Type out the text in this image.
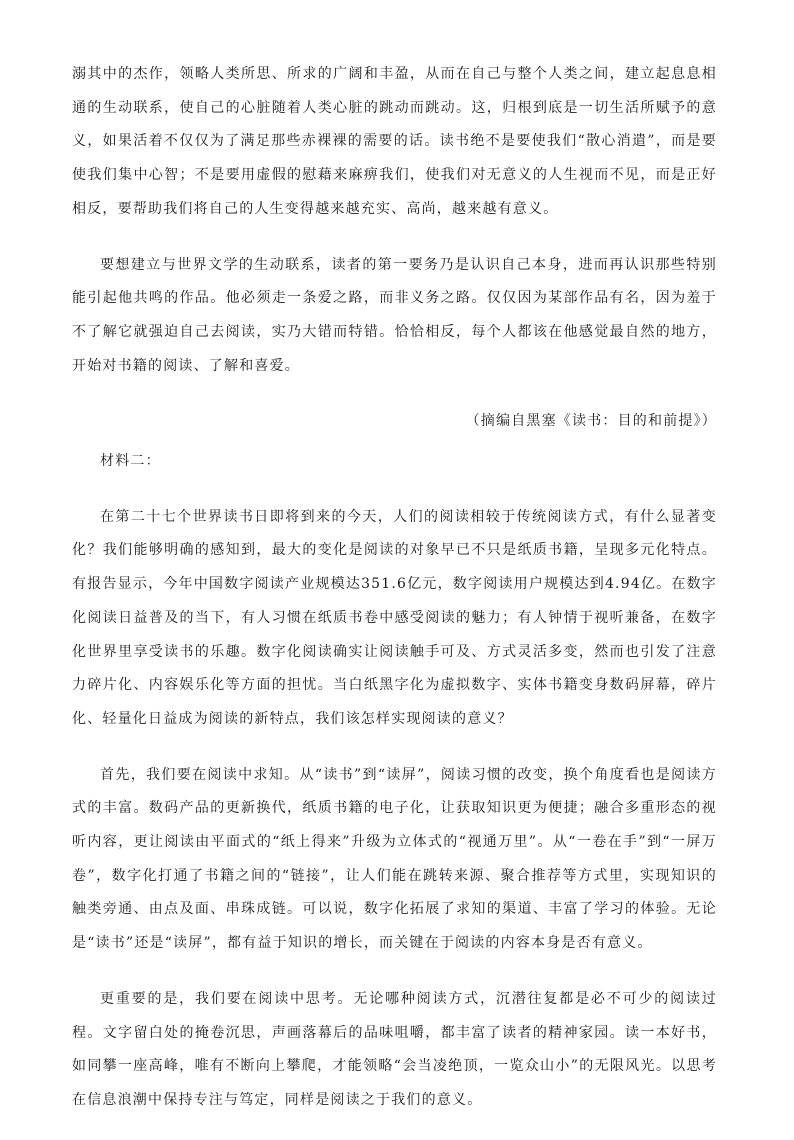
溺其中的杰作，领略人类所思、所求的广阔和丰盈，从而在自己与整个人类之间，建立起息息相通的生动联系，使自己的心脏随着人类心脏的跳动而跳动。这，归根到底是一切生活所赋予的意义，如果活着不仅仅为了满足那些赤裸裸的需要的话。读书绝不是要使我们“散心消遣”，而是要使我们集中心智；不是要用虚假的慰藉来麻痹我们，使我们对无意义的人生视而不见，而是正好相反，要帮助我们将自己的人生变得越来越充实、高尚，越来越有意义。

要想建立与世界文学的生动联系，读者的第一要务乃是认识自己本身，进而再认识那些特别能引起他共鸣的作品。他必须走一条爱之路，而非义务之路。仅仅因为某部作品有名，因为羞于不了解它就强迫自己去阅读，实乃大错而特错。恰恰相反，每个人都该在他感觉最自然的地方，开始对书籍的阅读、了解和喜爱。

（摘编自黑塞《读书：目的和前提》）

材料二：

在第二十七个世界读书日即将到来的今天，人们的阅读相较于传统阅读方式，有什么显著变化？我们能够明确的感知到，最大的变化是阅读的对象早已不只是纸质书籍，呈现多元化特点。有报告显示，今年中国数字阅读产业规模达351.6亿元，数字阅读用户规模达到4.94亿。在数字化阅读日益普及的当下，有人习惯在纸质书卷中感受阅读的魅力；有人钟情于视听兼备，在数字化世界里享受读书的乐趣。数字化阅读确实让阅读触手可及、方式灵活多变，然而也引发了注意力碎片化、内容娱乐化等方面的担忧。当白纸黑字化为虚拟数字、实体书籍变身数码屏幕，碎片化、轻量化日益成为阅读的新特点，我们该怎样实现阅读的意义？

首先，我们要在阅读中求知。从“读书”到“读屏”，阅读习惯的改变，换个角度看也是阅读方式的丰富。数码产品的更新换代，纸质书籍的电子化，让获取知识更为便捷；融合多重形态的视听内容，更让阅读由平面式的“纸上得来”升级为立体式的“视通万里”。从“一卷在手”到“一屏万卷”，数字化打通了书籍之间的“链接”，让人们能在跳转来源、聚合推荐等方式里，实现知识的触类旁通、由点及面、串珠成链。可以说，数字化拓展了求知的渠道、丰富了学习的体验。无论是“读书”还是“读屏”，都有益于知识的增长，而关键在于阅读的内容本身是否有意义。

更重要的是，我们要在阅读中思考。无论哪种阅读方式，沉潜往复都是必不可少的阅读过程。文字留白处的掩卷沉思，声画落幕后的品味咀嚼，都丰富了读者的精神家园。读一本好书，如同攀一座高峰，唯有不断向上攀爬，才能领略“会当凌绝顶，一览众山小”的无限风光。以思考在信息浪潮中保持专注与笃定，同样是阅读之于我们的意义。
